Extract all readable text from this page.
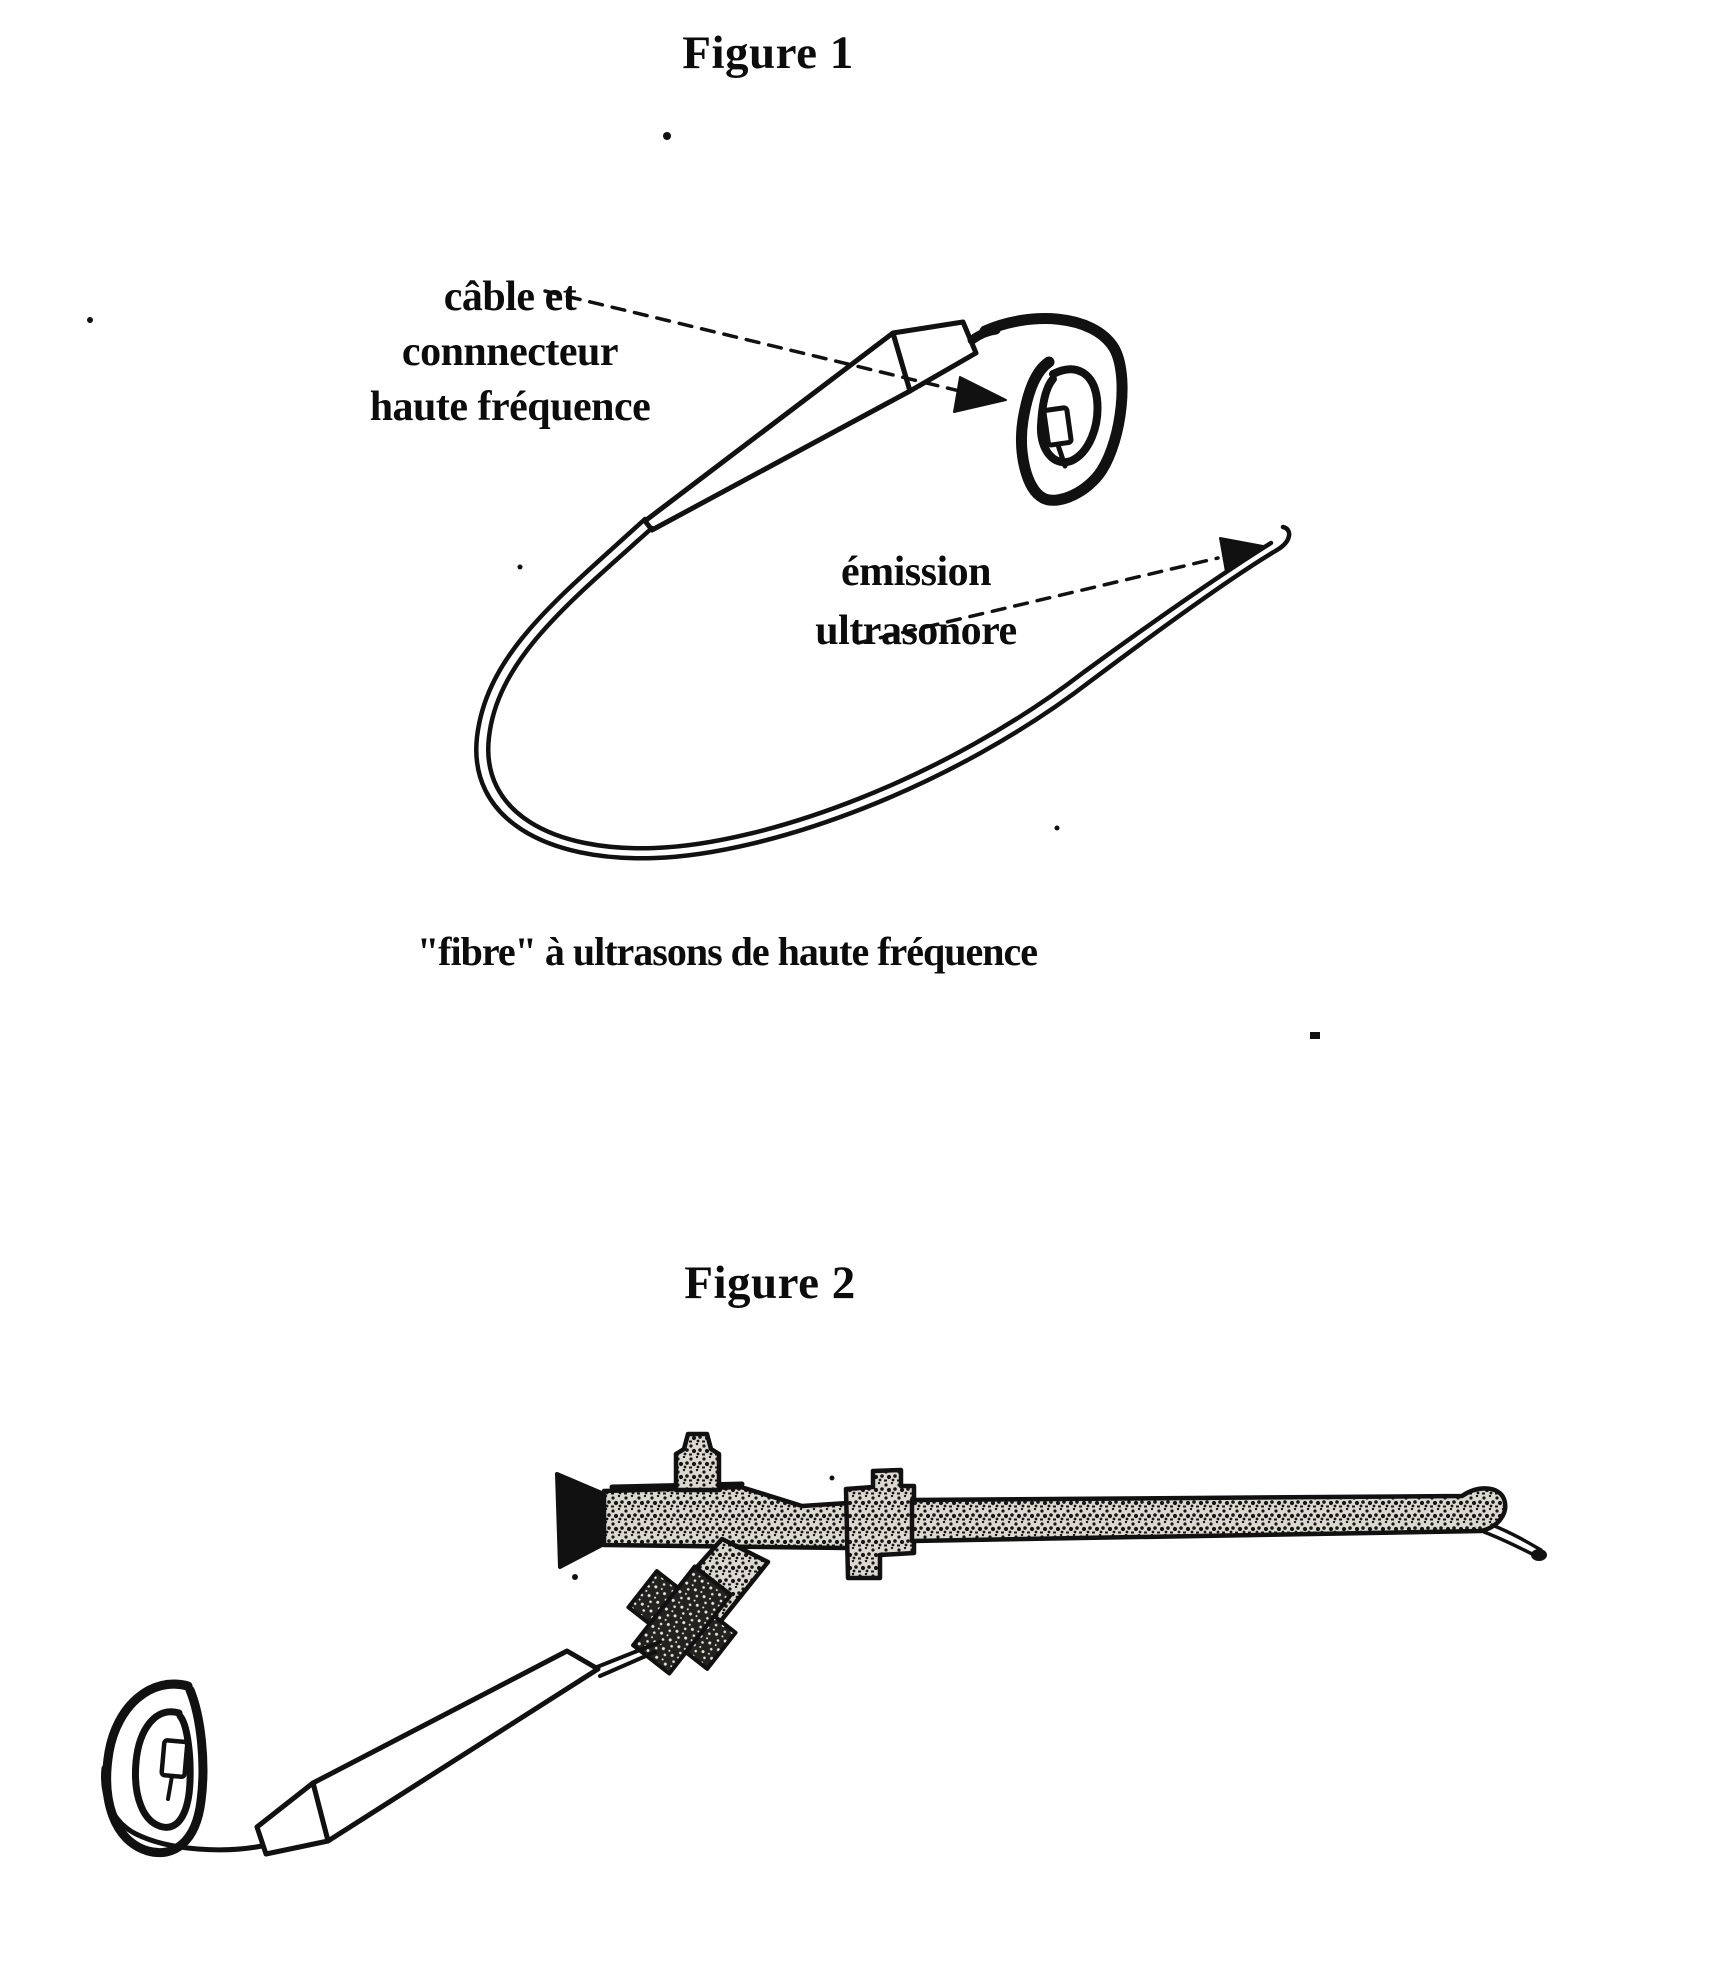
Figure 1
câble et
connnecteur
haute fréquence
émission
ultrasonore
"fibre" à ultrasons de haute fréquence
Figure 2
